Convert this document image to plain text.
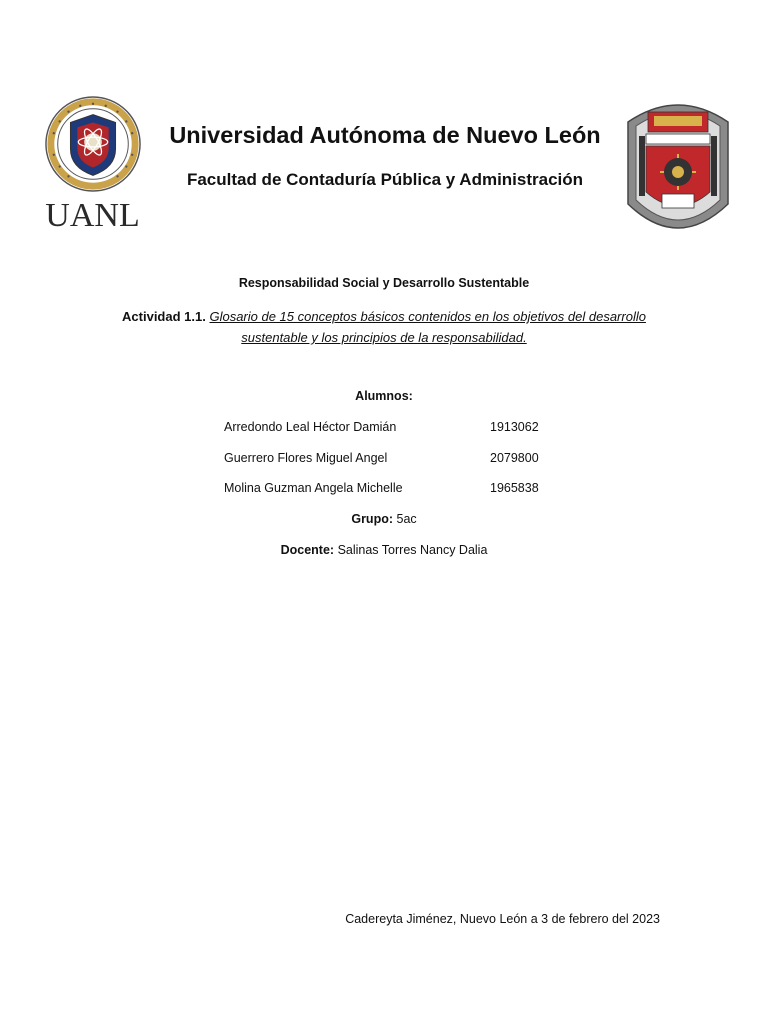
UANL
Universidad Autónoma de Nuevo León
Facultad de Contaduría Pública y Administración
Responsabilidad Social y Desarrollo Sustentable
Actividad 1.1. Glosario de 15 conceptos básicos contenidos en los objetivos del desarrollo sustentable y los principios de la responsabilidad.
Alumnos:
Arredondo Leal Héctor Damián	1913062
Guerrero Flores Miguel Angel	2079800
Molina Guzman Angela Michelle	1965838
Grupo: 5ac
Docente: Salinas Torres Nancy Dalia
Cadereyta Jiménez, Nuevo León a 3 de febrero del 2023
